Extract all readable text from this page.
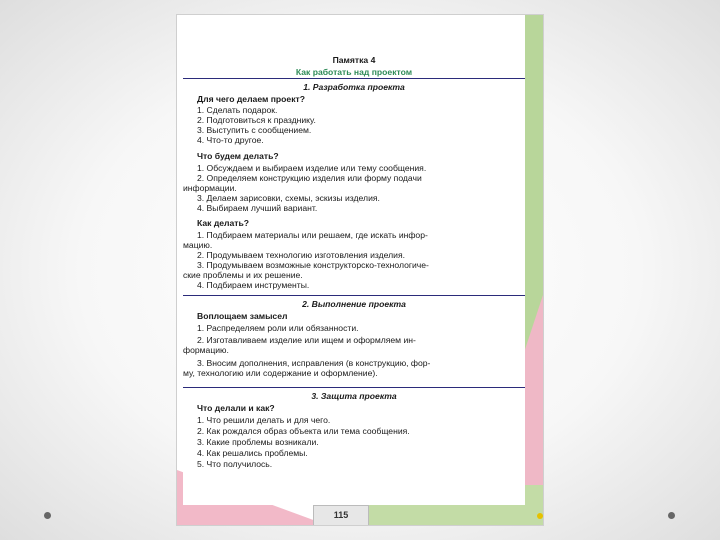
Памятка 4

Как работать над проектом

1. Разработка проекта

Для чего делаем проект?

1. Сделать подарок.

2. Подготовиться к празднику.

3. Выступить с сообщением.

4. Что-то другое.

Что будем делать?

1. Обсуждаем и выбираем изделие или тему сообщения.

2. Определяем конструкцию изделия или форму подачи

информации.

3. Делаем зарисовки, схемы, эскизы изделия.

4. Выбираем лучший вариант.

Как делать?

1. Подбираем материалы или решаем, где искать инфор-

мацию.

2. Продумываем технологию изготовления изделия.

3. Продумываем возможные конструкторско-технологиче-

ские проблемы и их решение.

4. Подбираем инструменты.

2. Выполнение проекта

Воплощаем замысел

1. Распределяем роли или обязанности.

2. Изготавливаем изделие или ищем и оформляем ин-

формацию.

3. Вносим дополнения, исправления (в конструкцию, фор-

му, технологию или содержание и оформление).

3. Защита проекта

Что делали и как?

1. Что решили делать и для чего.

2. Как рождался образ объекта или тема сообщения.

3. Какие проблемы возникали.

4. Как решались проблемы.

5. Что получилось.

115
